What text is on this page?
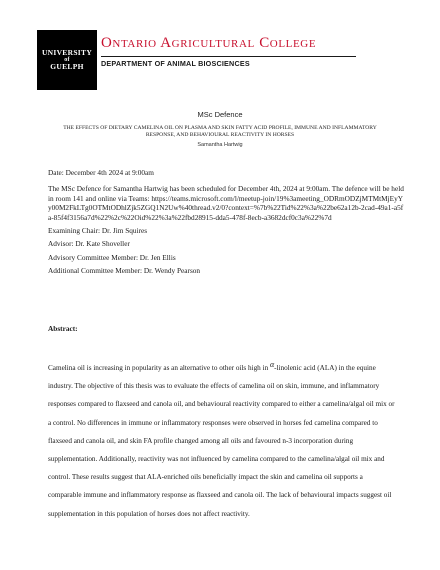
UNIVERSITY
of
GUELPH
Ontario Agricultural College
DEPARTMENT OF ANIMAL BIOSCIENCES
MSc Defence
THE EFFECTS OF DIETARY CAMELINA OIL ON PLASMA AND SKIN FATTY ACID PROFILE, IMMUNE AND INFLAMMATORY RESPONSE, AND BEHAVIOURAL REACTIVITY IN HORSES
Samantha Hartwig
Date: December 4th 2024 at 9:00am
The MSc Defence for Samantha Hartwig has been scheduled for December 4th, 2024 at 9:00am. The defence will be held in room 141 and online via Teams: https://teams.microsoft.com/l/meetup-join/19%3ameeting_ODRmODZjMTMtMjEyYy00M2FkLTg0OTMtODhlZjk5ZGQ1N2Uw%40thread.v2/0?context=%7b%22Tid%22%3a%22be62a12b-2cad-49a1-a5fa-85f4f3156a7d%22%2c%22Oid%22%3a%22fbd28915-dda5-478f-8ecb-a3682dcf0c3a%22%7d
Examining Chair: Dr. Jim Squires
Advisor: Dr. Kate Shoveller
Advisory Committee Member: Dr. Jen Ellis
Additional Committee Member: Dr. Wendy Pearson
Abstract:
Camelina oil is increasing in popularity as an alternative to other oils high in α-linolenic acid (ALA) in the equine industry. The objective of this thesis was to evaluate the effects of camelina oil on skin, immune, and inflammatory responses compared to flaxseed and canola oil, and behavioural reactivity compared to either a camelina/algal oil mix or a control. No differences in immune or inflammatory responses were observed in horses fed camelina compared to flaxseed and canola oil, and skin FA profile changed among all oils and favoured n-3 incorporation during supplementation. Additionally, reactivity was not influenced by camelina compared to the camelina/algal oil mix and control. These results suggest that ALA-enriched oils beneficially impact the skin and camelina oil supports a comparable immune and inflammatory response as flaxseed and canola oil. The lack of behavioural impacts suggest oil supplementation in this population of horses does not affect reactivity.
